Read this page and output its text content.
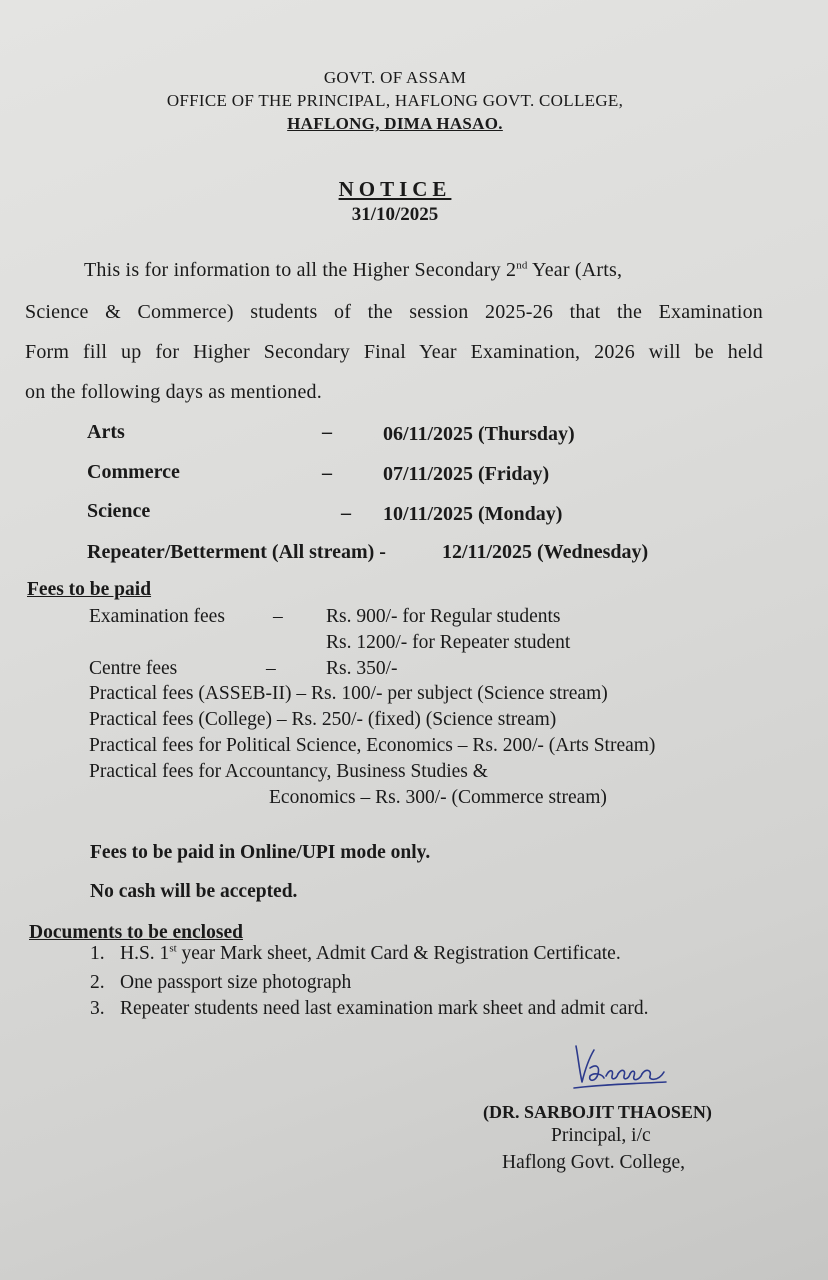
GOVT. OF ASSAM
OFFICE OF THE PRINCIPAL, HAFLONG GOVT. COLLEGE,
HAFLONG, DIMA HASAO.
NOTICE
31/10/2025
This is for information to all the Higher Secondary 2nd Year (Arts,
Science & Commerce) students of the session 2025-26 that the Examination
Form fill up for Higher Secondary Final Year Examination, 2026 will be held
on the following days as mentioned.
Arts	–	06/11/2025 (Thursday)
Commerce	–	07/11/2025 (Friday)
Science	– 10/11/2025 (Monday)
Repeater/Betterment (All stream) -	12/11/2025 (Wednesday)
Fees to be paid
Examination fees – Rs. 900/- for Regular students
Rs. 1200/- for Repeater student
Centre fees	–	Rs. 350/-
Practical fees (ASSEB-II) – Rs. 100/- per subject (Science stream)
Practical fees (College) – Rs. 250/- (fixed) (Science stream)
Practical fees for Political Science, Economics – Rs. 200/- (Arts Stream)
Practical fees for Accountancy, Business Studies &
Economics – Rs. 300/- (Commerce stream)
Fees to be paid in Online/UPI mode only.
No cash will be accepted.
Documents to be enclosed
1. H.S. 1st year Mark sheet, Admit Card & Registration Certificate.
2. One passport size photograph
3. Repeater students need last examination mark sheet and admit card.
(DR. SARBOJIT THAOSEN)
Principal, i/c
Haflong Govt. College,
